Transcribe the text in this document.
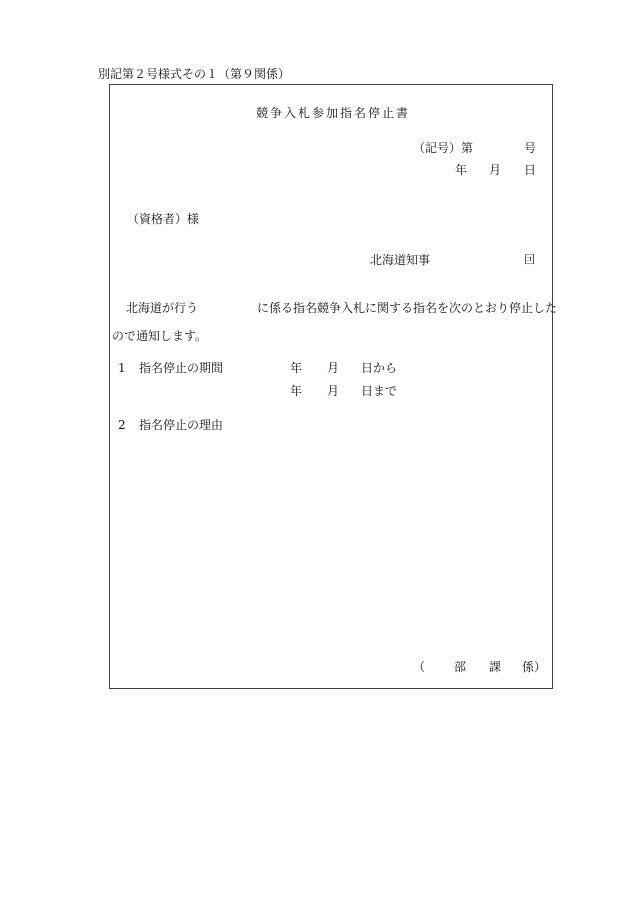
別記第２号様式その１（第９関係）
競争入札参加指名停止書
（記号）第	号
年 月 日
（資格者）様
北海道知事	囙
北海道が行う	に係る指名競争入札に関する指名を次のとおり停止した
ので通知します。
1 指名停止の期間	年 月 日から
年 月 日まで
2 指名停止の理由
（ 部 課 係）
